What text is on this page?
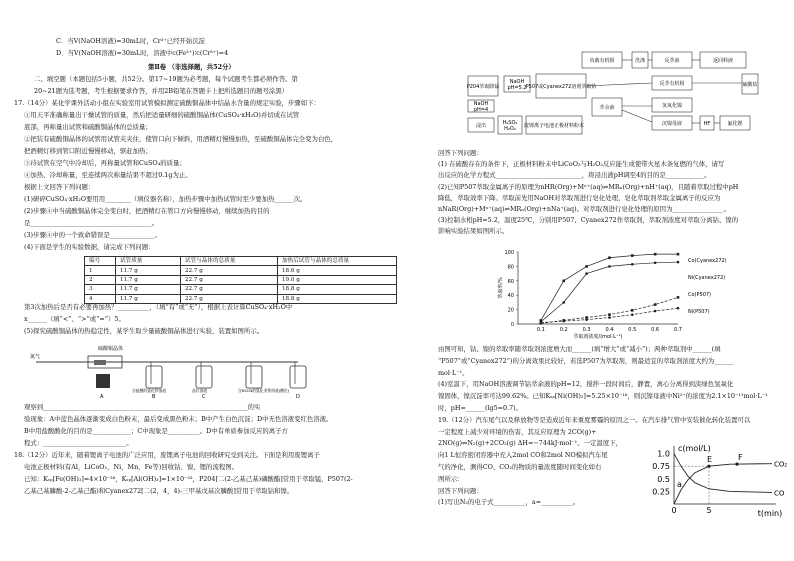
C．当V(NaOH溶液)=30mL时，Cr³⁺已经开始沉淀
D．当V(NaOH溶液)=30mL时，溶液中c(Fe³⁺)∶c(Cr³⁺)=4
第Ⅱ卷 （非选择题，共52分）
二、填空题（本题包括5小题，共52分。第17~19题为必考题，每个试题考生都必须作答。第
20~21题为选考题，考生根据要求作答，并用2B铅笔在答题卡上把所选题目的题号涂黑）
17.（14分）某化学课外活动小组在实验室用试管模拟测定硫酸铜晶体中结晶水含量的规定实验，步骤如下：
①用天平准确称量出干燥试管的质量，然后把适量研细的硫酸铜晶体(CuSO₄·xH₂O)并切成在试管
底部，再称量出试管和硫酸铜晶体的总质量；
②把装有硫酸铜晶体的试管用试管夹夹住，使管口向下倾斜，用酒精灯慢慢加热，至硫酸铜晶体完全变为白色，
把酒精灯移到管口附近慢慢移动，驱赶加热；
③待试管在空气中冷却后，再称量试管和CuSO₄的质量；
④加热、冷却称量，至连续两次称量结果不超过0.1g为止。
根据上文回答下列问题：
(1)研碎CuSO₄·xH₂O要用用________（填仪器名称），加热步骤中加热试管时至少要加热______次。
(2)步骤④中当硫酸铜晶体完全变白时，把酒精灯在管口方向慢慢移动，继续加热的目的
是______________________________________。
(3)步骤④中的一个致命错误是______________。
(4)下面是学生的实验数据，请完成下列问题：
编号	试管质量	试管与晶体的总质量	加热后试管与晶体的总质量
1	11.7 g	22.7 g	18.6 g
2	11.7 g	22.7 g	19.0 g
3	11.7 g	22.7 g	18.8 g
4	11.7 g	22.7 g	18.8 g
第3次加热后是否有必要再加热？__________，（填“有”或“无”），根据上表计算CuSO₄·xH₂O中
x______（填“<”、“>”或“=”）5。
(5)探究硫酸铜晶体的热稳定性，某学生取少量硫酸铜晶体进行实验，装置如图所示。
硫酸铜晶体
氮气
A	B	C	D
含盐酸的氯化钡溶液	品红溶液	含KSCN的氯化亚铁溶液(酸化)
观察到________________________________________________________________的实
验现象：A中蓝色晶体逐渐变成白色粉末，最后变成黑色粉末；B中产生白色沉淀；D中无色溶液变红色溶液。
B中用盐酸酸化的目的是____________；C中现象是__________。D中有单质参加反应的离子方
程式：__________________________。
18.（12分）近年来，随着锂离子电池的广泛应用，废锂离子电池的回收研究受到关注。下面是利用废锂离子
电池正极材料(有Al，LiCoO₂，Ni，Mn，Fe等)回收钴、镍、锂的流程图。
已知：Kₛₚ[Fe(OH)₃]=4×10⁻³⁸，Kₛₚ[Al(OH)₃]=1×10⁻³³，P204[二(2-乙基己基)磷酸酯]常用于萃取锰，P507(2-
乙基己基膦酸-2-乙基己酯)和Cyanex272[二(2，4，4)-三甲基戊基次膦酸]常用于萃取钴和镍。
负载有机相	洗涤	反萃液	返回料液
P204萃取除锰
NaOH
pH=5.2 P507或Cyanex272溶剂萃取钴	反萃有机相	硫酸钴
NaOH
pH=4	萃余液	氢氧化镍
浸出	H₂SO₄
H₂O₂ 废锂离子电池正极材料粉末	沉镍母液	HF	氟化锂
回答下列问题：
(1) 在硫酸存在的条件下，正极材料粉末中LiCoO₂与H₂O₂反应能生成使带火星木条复燃的气体，请写
出反应的化学方程式___________________________，将浸出液pH调至4的目的是____________。
(2)已知P507萃取金属离子的原理为nHR(Org)+Mⁿ⁺(aq)⇌MRₙ(Org)+nH⁺(aq)，且随着萃取过程中pH
降低，萃取效率下降。萃取前先用NaOH对萃取剂进行皂化处理，皂化萃取剂萃取金属离子的反应为
nNaR(Org)+Mⁿ⁺(aq)⇌MRₙ(Org)+nNa⁺(aq)。对萃取剂进行皂化处理的原因为________________。
(3)控制水相pH=5.2，温度25℃，分别用P507、Cyanex272作萃取剂，萃取剂浓度对萃取分离钴、镍的
影响实验结果如图所示。
0
20
40
60
80
100
0.1	0.2	0.3	0.4	0.5	0.6	0.7
萃取剂浓度/(mol·L⁻¹)
萃取率/%
Co(Cyanex272)
Ni(Cyanex272)
Co(P507)
Ni(P507)
由图可知，钴、镍的萃取率随萃取剂浓度增大而______(填“增大”或“减小”)；两种萃取剂中______(填
“P507”或“Cyanex272”)的分离效果比较好，若选P507为萃取剂，则最适宜的萃取剂浓度大约为______
mol·L⁻¹。
(4)室温下，用NaOH溶液调节钴萃余液的pH=12，搅拌一段时间后，静置，离心分离得到淡绿色氢氧化
镍固体，镍沉淀率可达99.62%。已知Kₛₚ[Ni(OH)₂]=5.25×10⁻¹⁶，则沉镍母液中Ni²⁺的浓度为2.1×10⁻¹¹mol·L⁻¹
时，pH=______(lg5=0.7)。
19.（12分）汽车尾气以及释放物等是造成近年来重度雾霾的原因之一。在汽车排气管中安装催化转化装置可以
一定程度上减少对环境的伤害，其反应原理为 2CO(g)+
2NO(g)⇌N₂(g)+2CO₂(g) ΔH=−744kJ·mol⁻¹。一定温度下，
向1 L恒容密闭容器中充入2mol CO和2mol NO模拟汽车尾
气的净化，测得CO、CO₂的物质的量浓度随时间变化如右
图所示：
回答下列问题：
(1)写出N₂的电子式__________，a=__________。
1.0
0.75
0.5
0.25
0	5	t(min)
c(mol/L)
CO₂
CO
E	F
a
